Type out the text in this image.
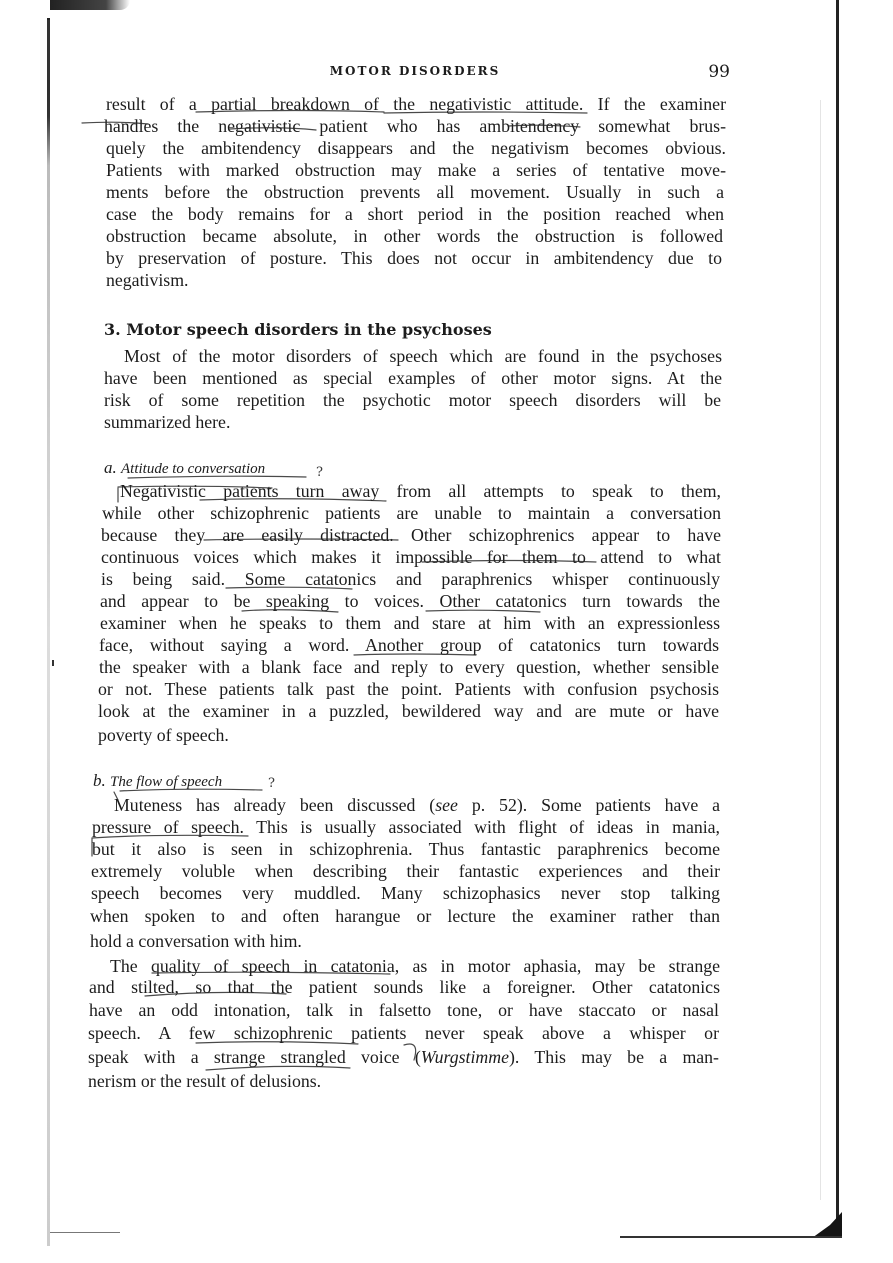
MOTOR DISORDERS	99
result of a partial breakdown of the negativistic attitude. If the examiner
handles the negativistic patient who has ambitendency somewhat brus-
quely the ambitendency disappears and the negativism becomes obvious.
Patients with marked obstruction may make a series of tentative move-
ments before the obstruction prevents all movement. Usually in such a
case the body remains for a short period in the position reached when
obstruction became absolute, in other words the obstruction is followed
by preservation of posture. This does not occur in ambitendency due to
negativism.
3. Motor speech disorders in the psychoses
Most of the motor disorders of speech which are found in the psychoses
have been mentioned as special examples of other motor signs. At the
risk of some repetition the psychotic motor speech disorders will be
summarized here.
a. Attitude to conversation
Negativistic patients turn away from all attempts to speak to them,
while other schizophrenic patients are unable to maintain a conversation
because they are easily distracted. Other schizophrenics appear to have
continuous voices which makes it impossible for them to attend to what
is being said. Some catatonics and paraphrenics whisper continuously
and appear to be speaking to voices. Other catatonics turn towards the
examiner when he speaks to them and stare at him with an expressionless
face, without saying a word. Another group of catatonics turn towards
the speaker with a blank face and reply to every question, whether sensible
or not. These patients talk past the point. Patients with confusion psychosis
look at the examiner in a puzzled, bewildered way and are mute or have
poverty of speech.
b. The flow of speech
Muteness has already been discussed (see p. 52). Some patients have a
pressure of speech. This is usually associated with flight of ideas in mania,
but it also is seen in schizophrenia. Thus fantastic paraphrenics become
extremely voluble when describing their fantastic experiences and their
speech becomes very muddled. Many schizophasics never stop talking
when spoken to and often harangue or lecture the examiner rather than
hold a conversation with him.
The quality of speech in catatonia, as in motor aphasia, may be strange
and stilted, so that the patient sounds like a foreigner. Other catatonics
have an odd intonation, talk in falsetto tone, or have staccato or nasal
speech. A few schizophrenic patients never speak above a whisper or
speak with a strange strangled voice (Wurgstimme). This may be a man-
nerism or the result of delusions.
?
?
